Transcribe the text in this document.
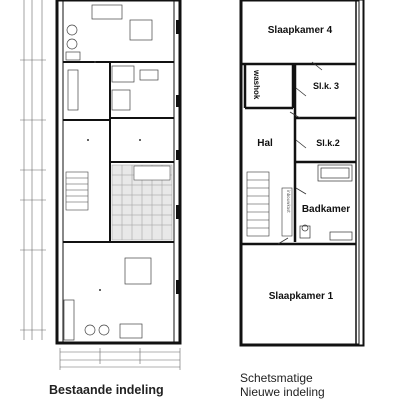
Slaapkamer 4
washok	Sl.k. 3
Hal	Sl.k.2
Badkamer
inbouwkast
Slaapkamer 1
Bestaande indeling
Schetsmatige
Nieuwe indeling
